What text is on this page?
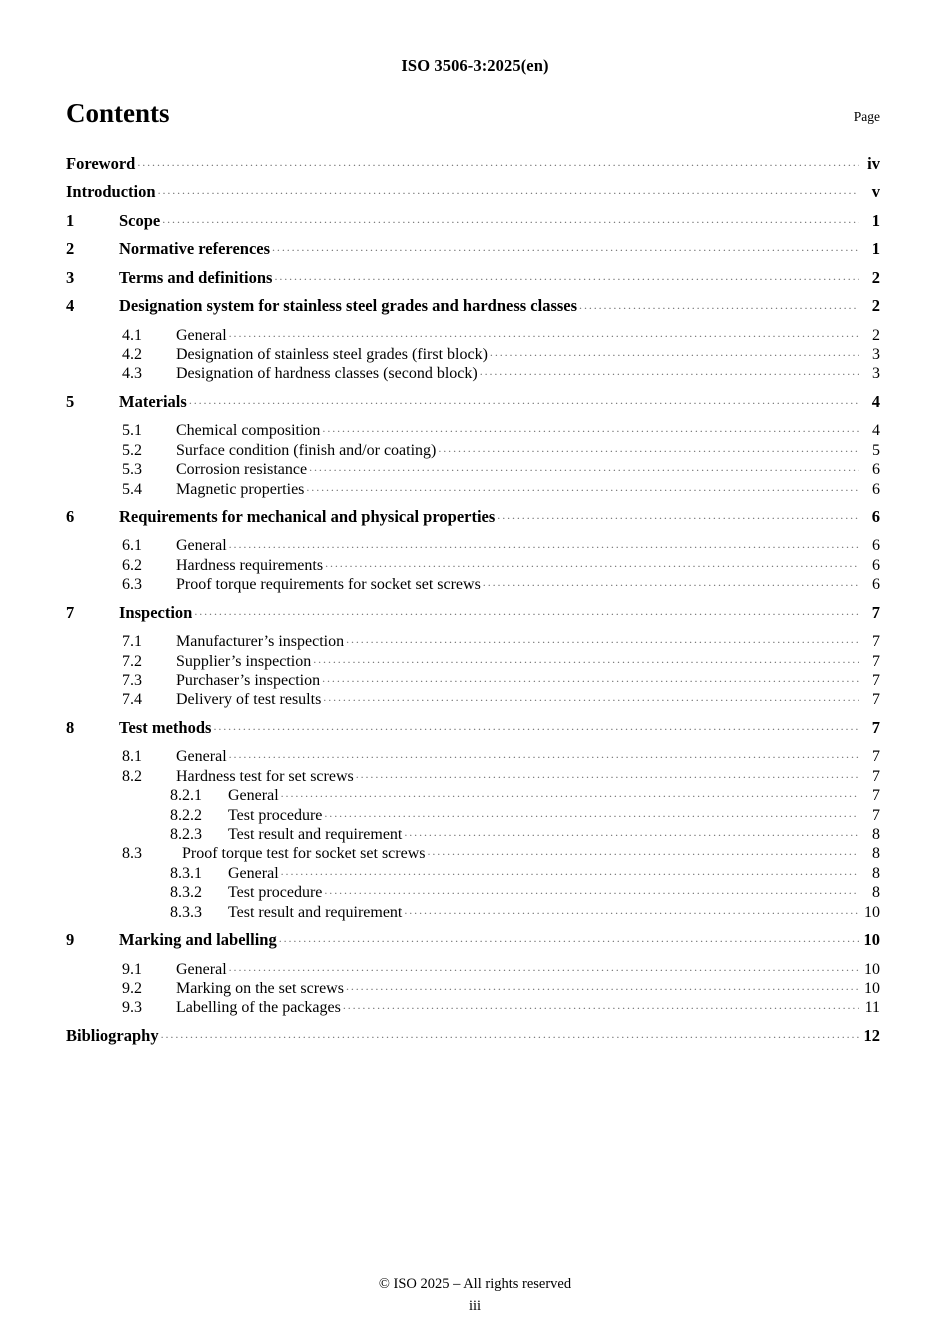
ISO 3506-3:2025(en)
Contents	Page
Foreword .....	iv
Introduction .....	v
1	Scope .....	1
2	Normative references .....	1
3	Terms and definitions .....	2
4	Designation system for stainless steel grades and hardness classes .....	2
4.1	General .....	2
4.2	Designation of stainless steel grades (first block) .....	3
4.3	Designation of hardness classes (second block) .....	3
5	Materials .....	4
5.1	Chemical composition .....	4
5.2	Surface condition (finish and/or coating) .....	5
5.3	Corrosion resistance .....	6
5.4	Magnetic properties .....	6
6	Requirements for mechanical and physical properties .....	6
6.1	General .....	6
6.2	Hardness requirements .....	6
6.3	Proof torque requirements for socket set screws .....	6
7	Inspection .....	7
7.1	Manufacturer’s inspection .....	7
7.2	Supplier’s inspection .....	7
7.3	Purchaser’s inspection .....	7
7.4	Delivery of test results .....	7
8	Test methods .....	7
8.1	General .....	7
8.2	Hardness test for set screws .....	7
8.2.1	General .....	7
8.2.2	Test procedure .....	7
8.2.3	Test result and requirement .....	8
8.3	Proof torque test for socket set screws .....	8
8.3.1	General .....	8
8.3.2	Test procedure .....	8
8.3.3	Test result and requirement .....	10
9	Marking and labelling .....	10
9.1	General .....	10
9.2	Marking on the set screws .....	10
9.3	Labelling of the packages .....	11
Bibliography .....	12
© ISO 2025 – All rights reserved
iii
